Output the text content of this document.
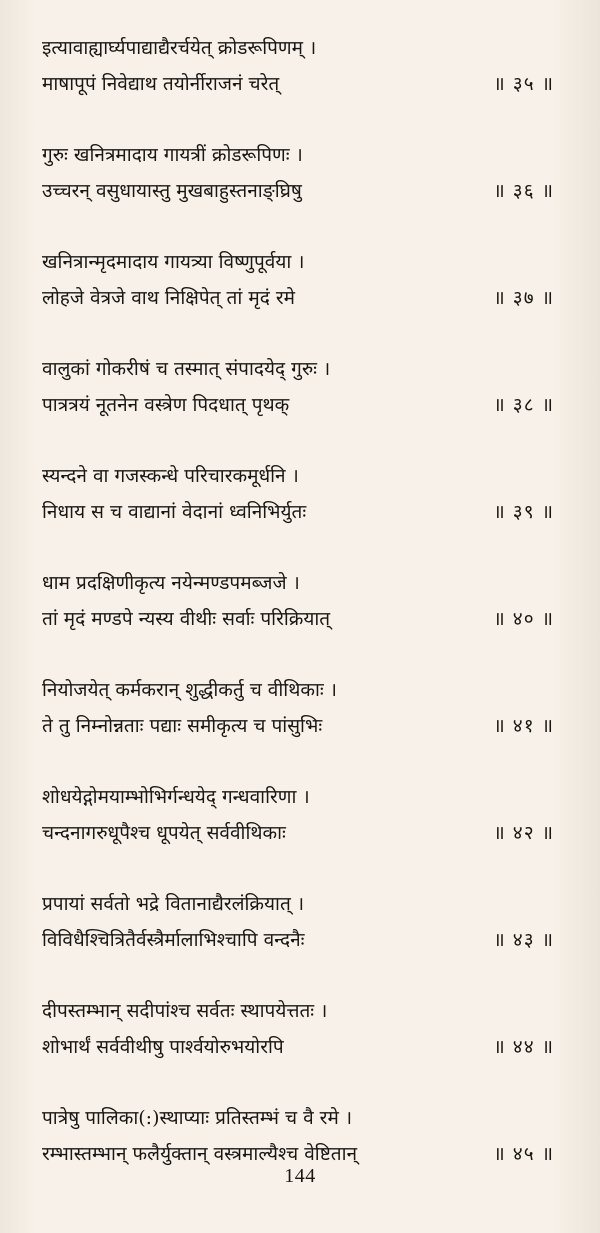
इत्यावाह्यार्घ्यपाद्याद्यैरर्चयेत् क्रोडरूपिणम् ।
माषापूपं निवेद्याथ तयोर्नीराजनं चरेत्	॥ ३५ ॥
गुरुः खनित्रमादाय गायत्रीं क्रोडरूपिणः ।
उच्चरन् वसुधायास्तु मुखबाहुस्तनाङ्घ्रिषु	॥ ३६ ॥
खनित्रान्मृदमादाय गायत्र्या विष्णुपूर्वया ।
लोहजे वेत्रजे वाथ निक्षिपेत् तां मृदं रमे	॥ ३७ ॥
वालुकां गोकरीषं च तस्मात् संपादयेद् गुरुः ।
पात्रत्रयं नूतनेन वस्त्रेण पिदधात् पृथक्	॥ ३८ ॥
स्यन्दने वा गजस्कन्धे परिचारकमूर्धनि ।
निधाय स च वाद्यानां वेदानां ध्वनिभिर्युतः	॥ ३९ ॥
धाम प्रदक्षिणीकृत्य नयेन्मण्डपमब्जजे ।
तां मृदं मण्डपे न्यस्य वीथीः सर्वाः परिक्रियात्	॥ ४० ॥
नियोजयेत् कर्मकरान् शुद्धीकर्तु च वीथिकाः ।
ते तु निम्नोन्नताः पद्याः समीकृत्य च पांसुभिः	॥ ४१ ॥
शोधयेद्गोमयाम्भोभिर्गन्धयेद् गन्धवारिणा ।
चन्दनागरुधूपैश्च धूपयेत् सर्ववीथिकाः	॥ ४२ ॥
प्रपायां सर्वतो भद्रे वितानाद्यैरलंक्रियात् ।
विविधैश्चित्रितैर्वस्त्रैर्मालाभिश्चापि वन्दनैः	॥ ४३ ॥
दीपस्तम्भान् सदीपांश्च सर्वतः स्थापयेत्ततः ।
शोभार्थं सर्ववीथीषु पार्श्वयोरुभयोरपि	॥ ४४ ॥
पात्रेषु पालिका(:)स्थाप्याः प्रतिस्तम्भं च वै रमे ।
रम्भास्तम्भान् फलैर्युक्तान् वस्त्रमाल्यैश्च वेष्टितान्	॥ ४५ ॥
144
